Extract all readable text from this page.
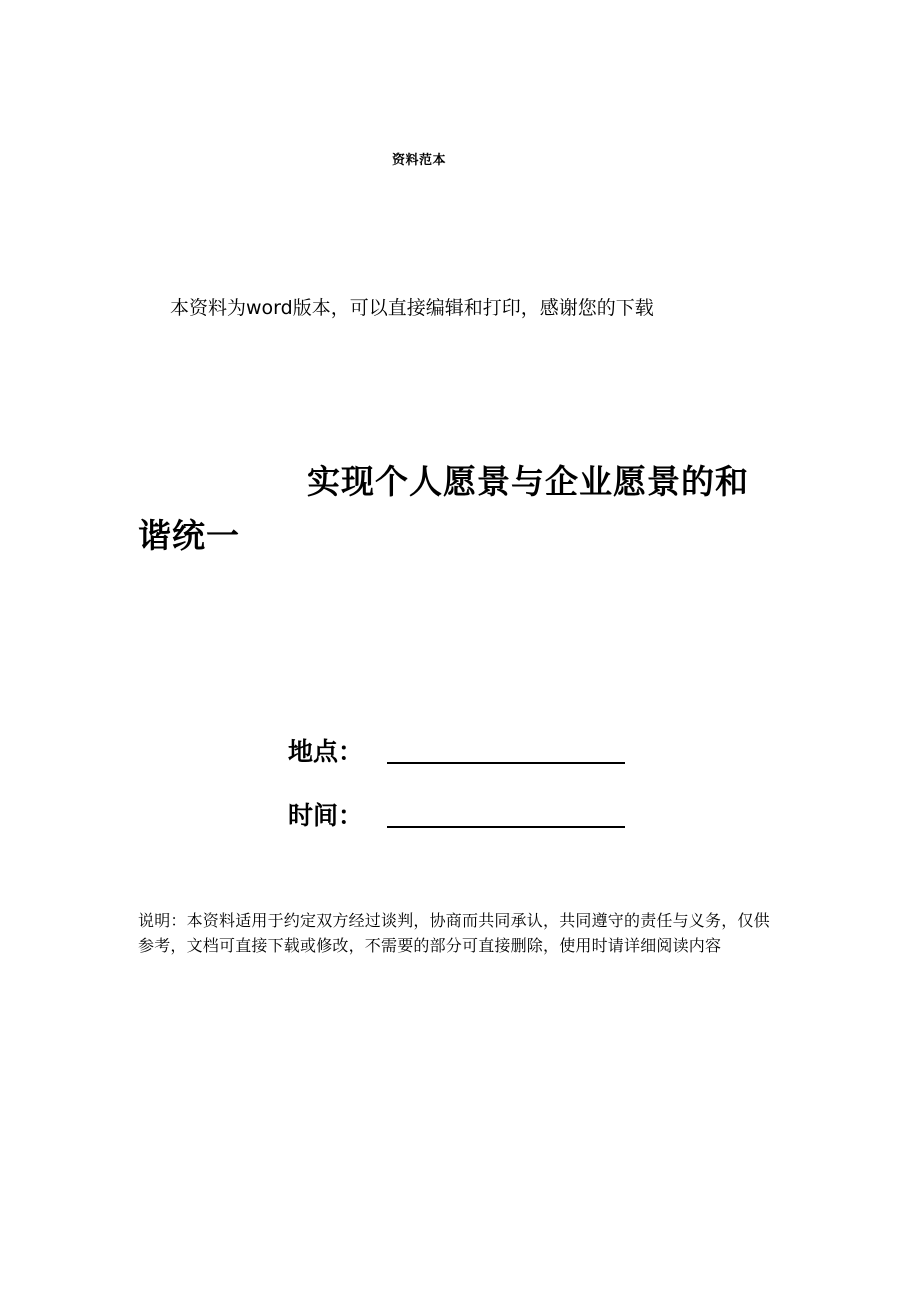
资料范本
本资料为word版本，可以直接编辑和打印，感谢您的下载
实现个人愿景与企业愿景的和谐统一
地点：
时间：
说明：本资料适用于约定双方经过谈判，协商而共同承认，共同遵守的责任与义务，仅供参考，文档可直接下载或修改，不需要的部分可直接删除，使用时请详细阅读内容
